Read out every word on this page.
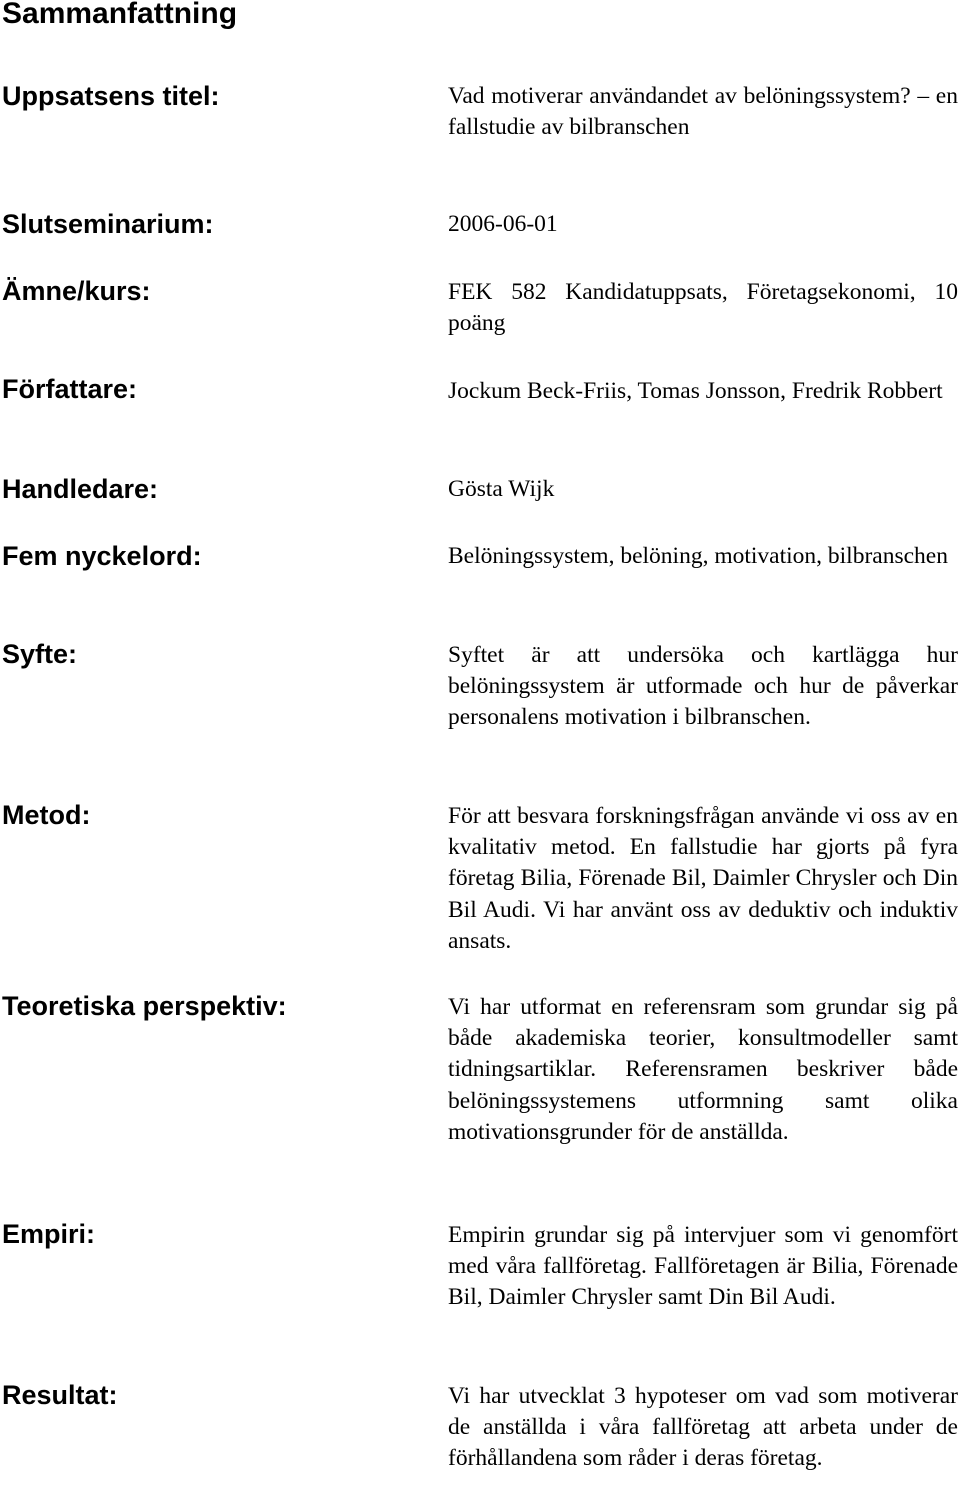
Sammanfattning
Uppsatsens titel:	Vad motiverar användandet av belöningssystem? – en fallstudie av bilbranschen
Slutseminarium:	2006-06-01
Ämne/kurs:	FEK 582 Kandidatuppsats, Företagsekonomi, 10 poäng
Författare:	Jockum Beck-Friis, Tomas Jonsson, Fredrik Robbert
Handledare:	Gösta Wijk
Fem nyckelord:	Belöningssystem, belöning, motivation, bilbranschen
Syfte:	Syftet är att undersöka och kartlägga hur belöningssystem är utformade och hur de påverkar personalens motivation i bilbranschen.
Metod:	För att besvara forskningsfrågan använde vi oss av en kvalitativ metod. En fallstudie har gjorts på fyra företag Bilia, Förenade Bil, Daimler Chrysler och Din Bil Audi. Vi har använt oss av deduktiv och induktiv ansats.
Teoretiska perspektiv:	Vi har utformat en referensram som grundar sig på både akademiska teorier, konsultmodeller samt tidningsartiklar. Referensramen beskriver både belöningssystemens utformning samt olika motivationsgrunder för de anställda.
Empiri:	Empirin grundar sig på intervjuer som vi genomfört med våra fallföretag. Fallföretagen är Bilia, Förenade Bil, Daimler Chrysler samt Din Bil Audi.
Resultat:	Vi har utvecklat 3 hypoteser om vad som motiverar de anställda i våra fallföretag att arbeta under de förhållandena som råder i deras företag.
